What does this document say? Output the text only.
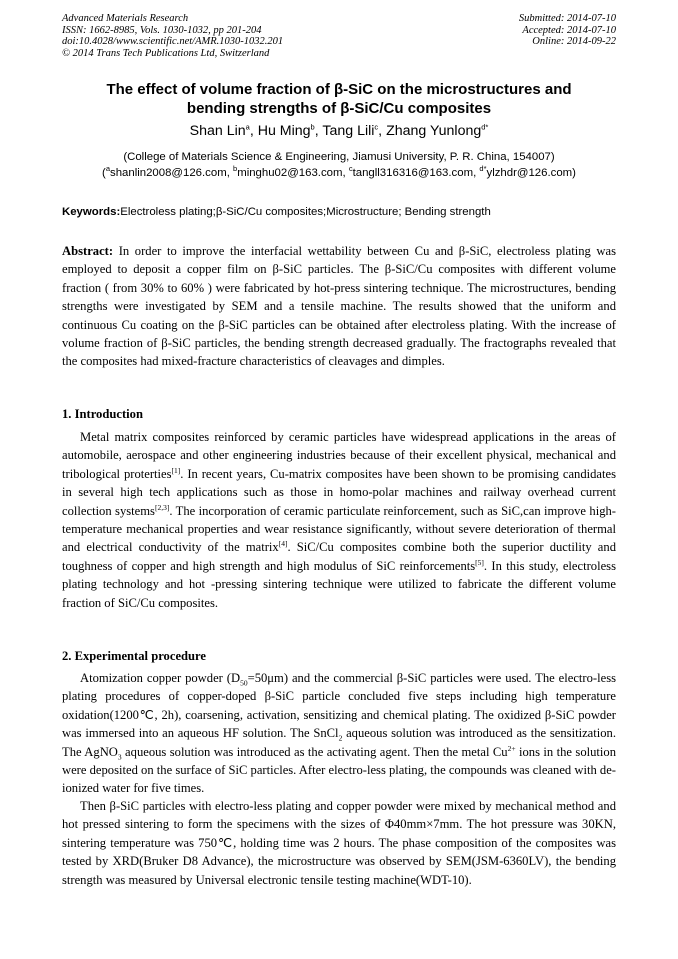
Advanced Materials Research
ISSN: 1662-8985, Vols. 1030-1032, pp 201-204
doi:10.4028/www.scientific.net/AMR.1030-1032.201
© 2014 Trans Tech Publications Ltd, Switzerland
Submitted: 2014-07-10
Accepted: 2014-07-10
Online: 2014-09-22
The effect of volume fraction of β-SiC on the microstructures and
bending strengths of β-SiC/Cu composites
Shan Lin$^a$, Hu Ming$^b$, Tang Lili$^c$, Zhang Yunlong$^{d*}$
(College of Materials Science & Engineering, Jiamusi University, P. R. China, 154007)
($^a$shanlin2008@126.com, $^b$minghu02@163.com, $^c$tangll316316@163.com, $^{d*}$ylzhdr@126.com)
Keywords:Electroless plating;β-SiC/Cu composites;Microstructure; Bending strength

Abstract: In order to improve the interfacial wettability between Cu and β-SiC, electroless plating was employed to deposit a copper film on β-SiC particles. The β-SiC/Cu composites with different volume fraction ( from 30% to 60% ) were fabricated by hot-press sintering technique. The microstructures, bending strengths were investigated by SEM and a tensile machine. The results showed that the uniform and continuous Cu coating on the β-SiC particles can be obtained after electroless plating. With the increase of volume fraction of β-SiC particles, the bending strength decreased gradually. The fractographs revealed that the composites had mixed-fracture characteristics of cleavages and dimples.

1. Introduction

Metal matrix composites reinforced by ceramic particles have widespread applications in the areas of automobile, aerospace and other engineering industries because of their excellent physical, mechanical and tribological proterties[1]. In recent years, Cu-matrix composites have been shown to be promising candidates in several high tech applications such as those in homo-polar machines and railway overhead current collection systems[2,3]. The incorporation of ceramic particulate reinforcement, such as SiC,can improve high-temperature mechanical properties and wear resistance significantly, without severe deterioration of thermal and electrical conductivity of the matrix[4]. SiC/Cu composites combine both the superior ductility and toughness of copper and high strength and high modulus of SiC reinforcements[5]. In this study, electroless plating technology and hot -pressing sintering technique were utilized to fabricate the different volume fraction of SiC/Cu composites.

2. Experimental procedure

Atomization copper powder $(D_{50}=50\mu m)$ and the commercial β-SiC particles were used. The electro-less plating procedures of copper-doped β-SiC particle concluded five steps including high temperature oxidation(1200℃, 2h), coarsening, activation, sensitizing and chemical plating. The oxidized β-SiC powder was immersed into an aqueous HF solution. The SnCl$_2$ aqueous solution was introduced as the sensitization. The AgNO$_3$ aqueous solution was introduced as the activating agent. Then the metal $Cu^{2+}$ ions in the solution were deposited on the surface of SiC particles. After electro-less plating, the compounds was cleaned with de-ionized water for five times.

Then β-SiC particles with electro-less plating and copper powder were mixed by mechanical method and hot pressed sintering to form the specimens with the sizes of Φ40mm×7mm. The hot pressure was 30KN, sintering temperature was 750℃, holding time was 2 hours. The phase composition of the composites was tested by XRD(Bruker D8 Advance), the microstructure was observed by SEM(JSM-6360LV), the bending strength was measured by Universal electronic tensile testing machine(WDT-10).
